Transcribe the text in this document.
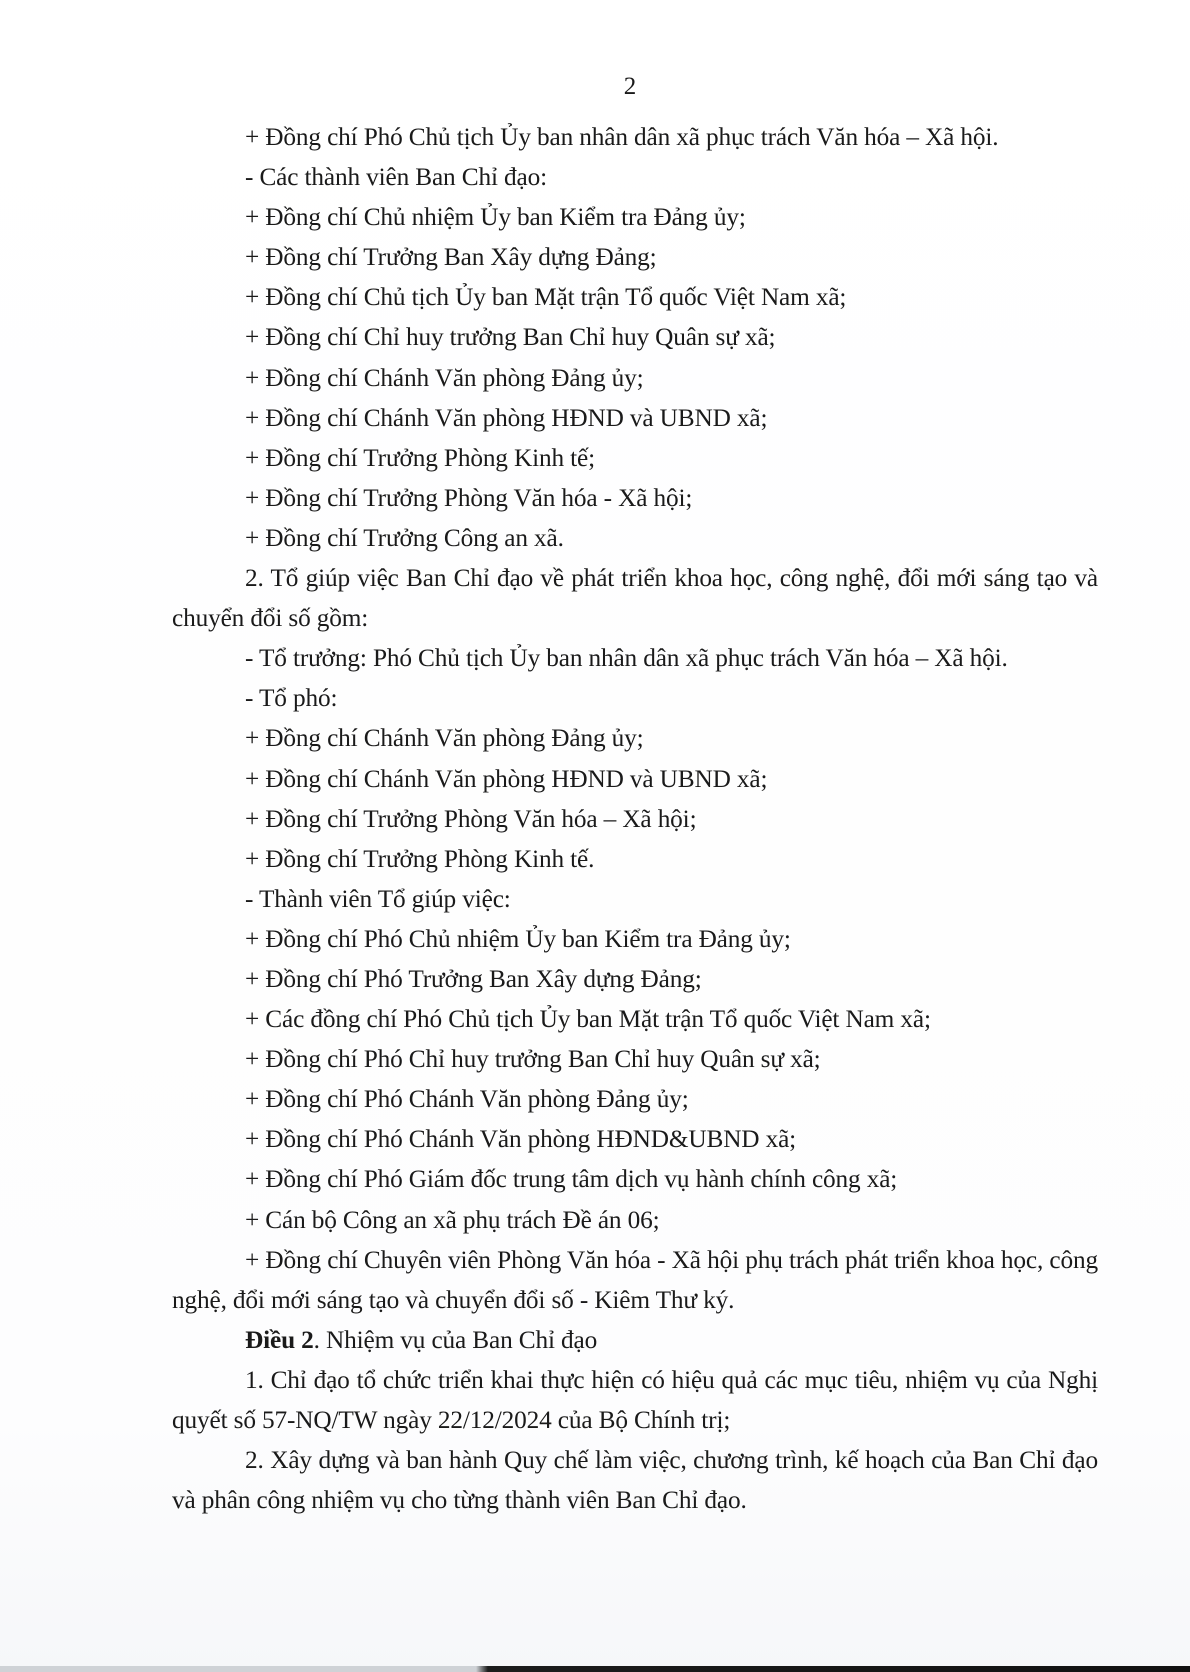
2

+ Đồng chí Phó Chủ tịch Ủy ban nhân dân xã phục trách Văn hóa – Xã hội.

- Các thành viên Ban Chỉ đạo:

+ Đồng chí Chủ nhiệm Ủy ban Kiểm tra Đảng ủy;

+ Đồng chí Trưởng Ban Xây dựng Đảng;

+ Đồng chí Chủ tịch Ủy ban Mặt trận Tổ quốc Việt Nam xã;

+ Đồng chí Chỉ huy trưởng Ban Chỉ huy Quân sự xã;

+ Đồng chí Chánh Văn phòng Đảng ủy;

+ Đồng chí Chánh Văn phòng HĐND và UBND xã;

+ Đồng chí Trưởng Phòng Kinh tế;

+ Đồng chí Trưởng Phòng Văn hóa - Xã hội;

+ Đồng chí Trưởng Công an xã.

2. Tổ giúp việc Ban Chỉ đạo về phát triển khoa học, công nghệ, đổi mới sáng tạo và chuyển đổi số gồm:

- Tổ trưởng: Phó Chủ tịch Ủy ban nhân dân xã phục trách Văn hóa – Xã hội.

- Tổ phó:

+ Đồng chí Chánh Văn phòng Đảng ủy;

+ Đồng chí Chánh Văn phòng HĐND và UBND xã;

+ Đồng chí Trưởng Phòng Văn hóa – Xã hội;

+ Đồng chí Trưởng Phòng Kinh tế.

- Thành viên Tổ giúp việc:

+ Đồng chí Phó Chủ nhiệm Ủy ban Kiểm tra Đảng ủy;

+ Đồng chí Phó Trưởng Ban Xây dựng Đảng;

+ Các đồng chí Phó Chủ tịch Ủy ban Mặt trận Tổ quốc Việt Nam xã;

+ Đồng chí Phó Chỉ huy trưởng Ban Chỉ huy Quân sự xã;

+ Đồng chí Phó Chánh Văn phòng Đảng ủy;

+ Đồng chí Phó Chánh Văn phòng HĐND&UBND xã;

+ Đồng chí Phó Giám đốc trung tâm dịch vụ hành chính công xã;

+ Cán bộ Công an xã phụ trách Đề án 06;

+ Đồng chí Chuyên viên Phòng Văn hóa - Xã hội phụ trách phát triển khoa học, công nghệ, đổi mới sáng tạo và chuyển đổi số - Kiêm Thư ký.

Điều 2. Nhiệm vụ của Ban Chỉ đạo

1. Chỉ đạo tổ chức triển khai thực hiện có hiệu quả các mục tiêu, nhiệm vụ của Nghị quyết số 57-NQ/TW ngày 22/12/2024 của Bộ Chính trị;

2. Xây dựng và ban hành Quy chế làm việc, chương trình, kế hoạch của Ban Chỉ đạo và phân công nhiệm vụ cho từng thành viên Ban Chỉ đạo.
